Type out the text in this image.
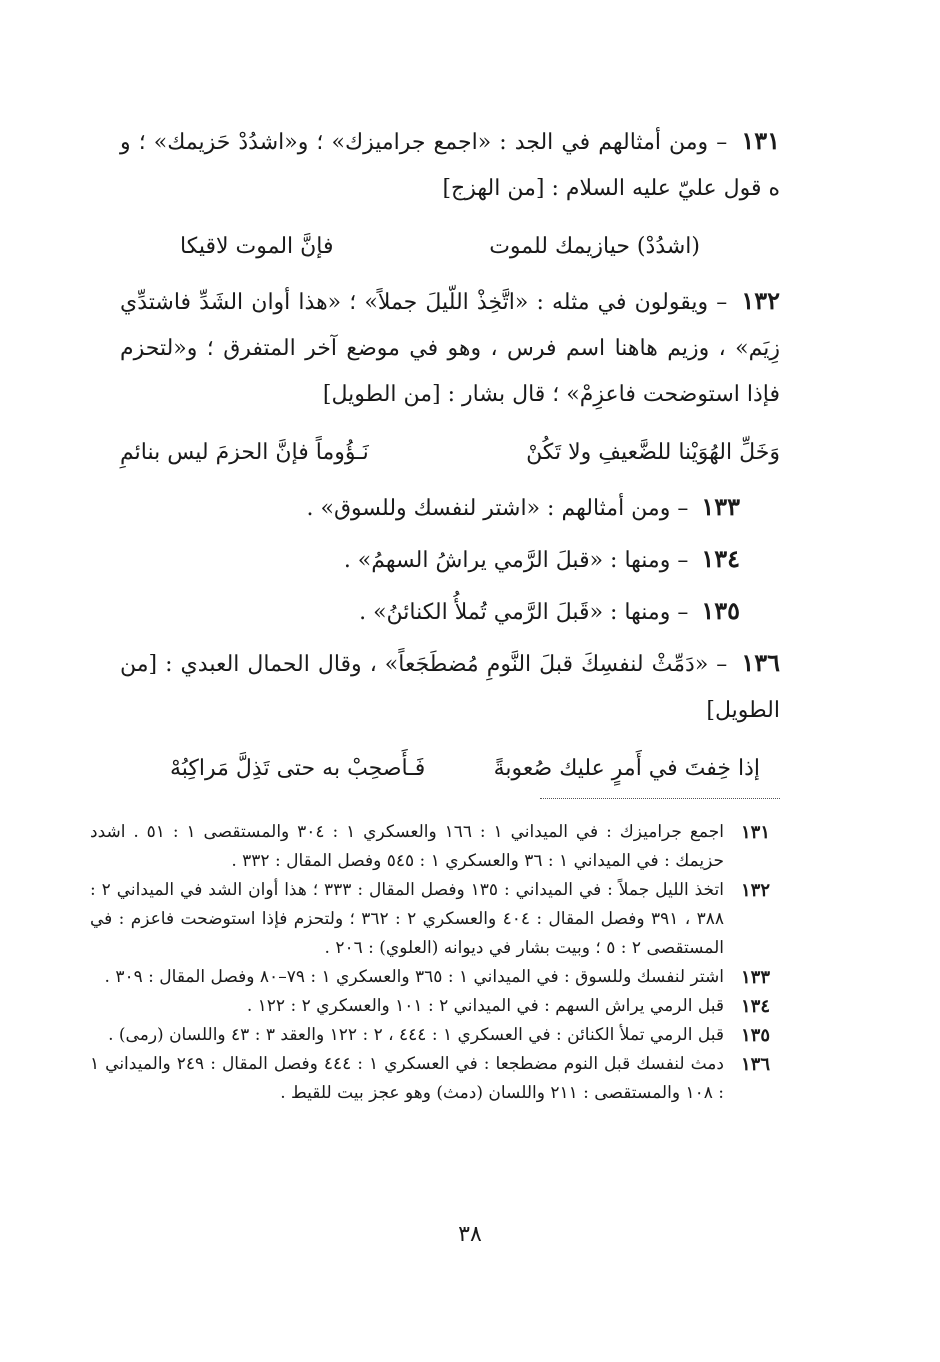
١٣١ – ومن أمثالهم في الجد : «اجمع جراميزك» ؛ و«اشدُدْ حَزيمك» ؛ و ه قول عليّ عليه السلام : [من الهزج]

(اشدُدْ) حيازيمك للموت
فإنَّ الموت لاقيكا

١٣٢ – ويقولون في مثله : «اتَّخِذْ اللّيلَ جملاً» ؛ «هذا أوان الشَدِّ فاشتدِّي زِيَم» ، وزيم هاهنا اسم فرس ، وهو في موضع آخر المتفرق ؛ و«لتحزم فإذا استوضحت فاعزِمْ» ؛ قال بشار : [من الطويل]

وَخَلِّ الهُوَيْنا للضَّعيفِ ولا تَكُنْ
نَـؤُوماً فإنَّ الحزمَ ليس بنائمِ

١٣٣ – ومن أمثالهم : «اشتر لنفسك وللسوق» .

١٣٤ – ومنها : «قبلَ الرَّمي يراشُ السهمُ» .

١٣٥ – ومنها : «قَبلَ الرَّمي تُملأُ الكنائنُ» .

١٣٦ – «دَمِّثْ لنفسِكَ قبلَ النَّومِ مُضطَجَعاً» ، وقال الحمال العبدي : [من الطويل]

إذا خِفتَ في أَمرٍ عليك صُعوبةً
فَـأَصحِبْ به حتى تَذِلَّ مَراكِبُهْ
١٣١
اجمع جراميزك : في الميداني ١ : ١٦٦ والعسكري ١ : ٣٠٤ والمستقصى ١ : ٥١ . اشدد حزيمك : في الميداني ١ : ٣٦ والعسكري ١ : ٥٤٥ وفصل المقال : ٣٣٢ .
١٣٢
اتخذ الليل جملاً : في الميداني : ١٣٥ وفصل المقال : ٣٣٣ ؛ هذا أوان الشد في الميداني ٢ : ٣٨٨ ، ٣٩١ وفصل المقال : ٤٠٤ والعسكري ٢ : ٣٦٢ ؛ ولتحزم فإذا استوضحت فاعزم : في المستقصى ٢ : ٥ ؛ وبيت بشار في ديوانه (العلوي) : ٢٠٦ .
١٣٣
اشتر لنفسك وللسوق : في الميداني ١ : ٣٦٥ والعسكري ١ : ٧٩–٨٠ وفصل المقال : ٣٠٩ .
١٣٤
قبل الرمي يراش السهم : في الميداني ٢ : ١٠١ والعسكري ٢ : ١٢٢ .
١٣٥
قبل الرمي تملأ الكنائن : في العسكري ١ : ٤٤٤ ، ٢ : ١٢٢ والعقد ٣ : ٤٣ واللسان (رمى) .
١٣٦
دمث لنفسك قبل النوم مضطجعا : في العسكري ١ : ٤٤٤ وفصل المقال : ٢٤٩ والميداني ١ : ١٠٨ والمستقصى : ٢١١ واللسان (دمث) وهو عجز بيت للقيط .
٣٨
